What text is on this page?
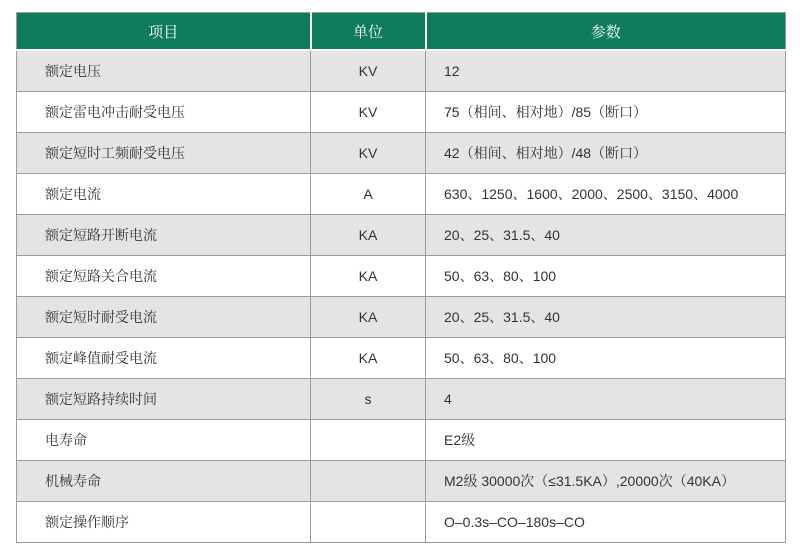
项目	单位	参数
额定电压	KV	12
额定雷电冲击耐受电压	KV	75（相间、相对地）/85（断口）
额定短时工频耐受电压	KV	42（相间、相对地）/48（断口）
额定电流	A	630、1250、1600、2000、2500、3150、4000
额定短路开断电流	KA	20、25、31.5、40
额定短路关合电流	KA	50、63、80、100
额定短时耐受电流	KA	20、25、31.5、40
额定峰值耐受电流	KA	50、63、80、100
额定短路持续时间	s	4
电寿命		E2级
机械寿命		M2级 30000次（≤31.5KA）,20000次（40KA）
额定操作顺序		O–0.3s–CO–180s–CO
